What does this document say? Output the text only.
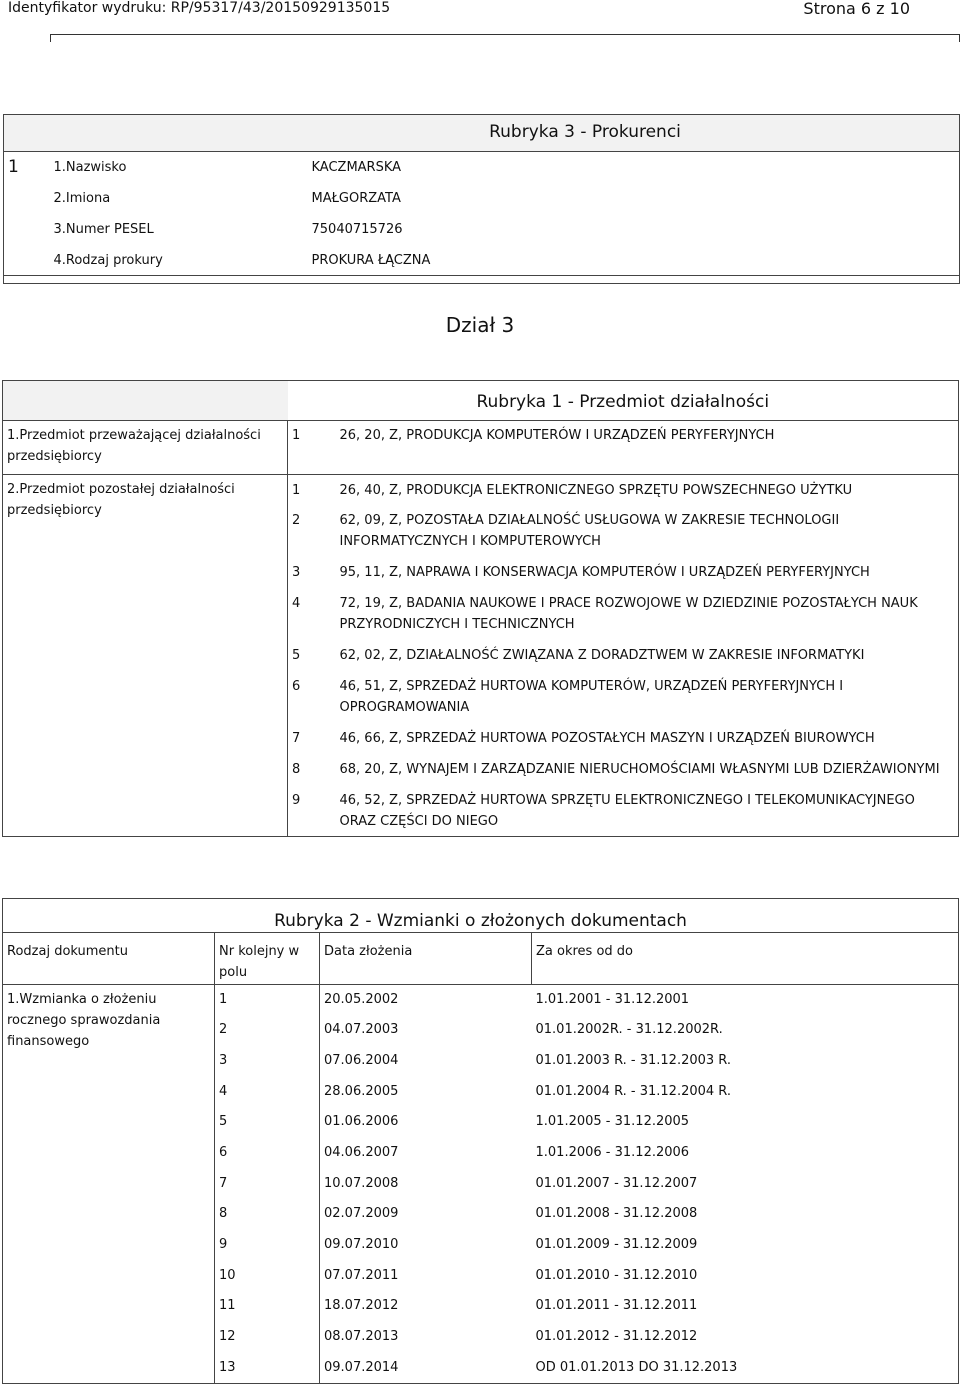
Identyfikator wydruku: RP/95317/43/20150929135015	Strona 6 z 10

1	1.Nazwisko	KACZMARSKA
	2.Imiona	MAŁGORZATA
	3.Numer PESEL	75040715726
	4.Rodzaj prokury	PROKURA ŁĄCZNA

Rubryka 3 - Prokurenci
Dział 3
	Rubryka 1 - Przedmiot działalności	
1.Przedmiot przeważającej działalności przedsiębiorcy	1	26, 20, Z, PRODUKCJA KOMPUTERÓW I URZĄDZEŃ PERYFERYJNYCH
2.Przedmiot pozostałej działalności przedsiębiorcy	1	26, 40, Z, PRODUKCJA ELEKTRONICZNEGO SPRZĘTU POWSZECHNEGO UŻYTKU
	2	62, 09, Z, POZOSTAŁA DZIAŁALNOŚĆ USŁUGOWA W ZAKRESIE TECHNOLOGII INFORMATYCZNYCH I KOMPUTEROWYCH
	3	95, 11, Z, NAPRAWA I KONSERWACJA KOMPUTERÓW I URZĄDZEŃ PERYFERYJNYCH
	4	72, 19, Z, BADANIA NAUKOWE I PRACE ROZWOJOWE W DZIEDZINIE POZOSTAŁYCH NAUK PRZYRODNICZYCH I TECHNICZNYCH
	5	62, 02, Z, DZIAŁALNOŚĆ ZWIĄZANA Z DORADZTWEM W ZAKRESIE INFORMATYKI
	6	46, 51, Z, SPRZEDAŻ HURTOWA KOMPUTERÓW, URZĄDZEŃ PERYFERYJNYCH I OPROGRAMOWANIA
	7	46, 66, Z, SPRZEDAŻ HURTOWA POZOSTAŁYCH MASZYN I URZĄDZEŃ BIUROWYCH
	8	68, 20, Z, WYNAJEM I ZARZĄDZANIE NIERUCHOMOŚCIAMI WŁASNYMI LUB DZIERŻAWIONYMI
	9	46, 52, Z, SPRZEDAŻ HURTOWA SPRZĘTU ELEKTRONICZNEGO I TELEKOMUNIKACYJNEGO ORAZ CZĘŚCI DO NIEGO
Rubryka 2 - Wzmianki o złożonych dokumentach			
Rodzaj dokumentu	Nr kolejny w polu	Data złożenia	Za okres od do
1.Wzmianka o złożeniu rocznego sprawozdania finansowego	1	20.05.2002	1.01.2001 - 31.12.2001
	2	04.07.2003	01.01.2002R. - 31.12.2002R.
	3	07.06.2004	01.01.2003 R. - 31.12.2003 R.
	4	28.06.2005	01.01.2004 R. - 31.12.2004 R.
	5	01.06.2006	1.01.2005 - 31.12.2005
	6	04.06.2007	1.01.2006 - 31.12.2006
	7	10.07.2008	01.01.2007 - 31.12.2007
	8	02.07.2009	01.01.2008 - 31.12.2008
	9	09.07.2010	01.01.2009 - 31.12.2009
	10	07.07.2011	01.01.2010 - 31.12.2010
	11	18.07.2012	01.01.2011 - 31.12.2011
	12	08.07.2013	01.01.2012 - 31.12.2012
	13	09.07.2014	OD 01.01.2013 DO 31.12.2013
